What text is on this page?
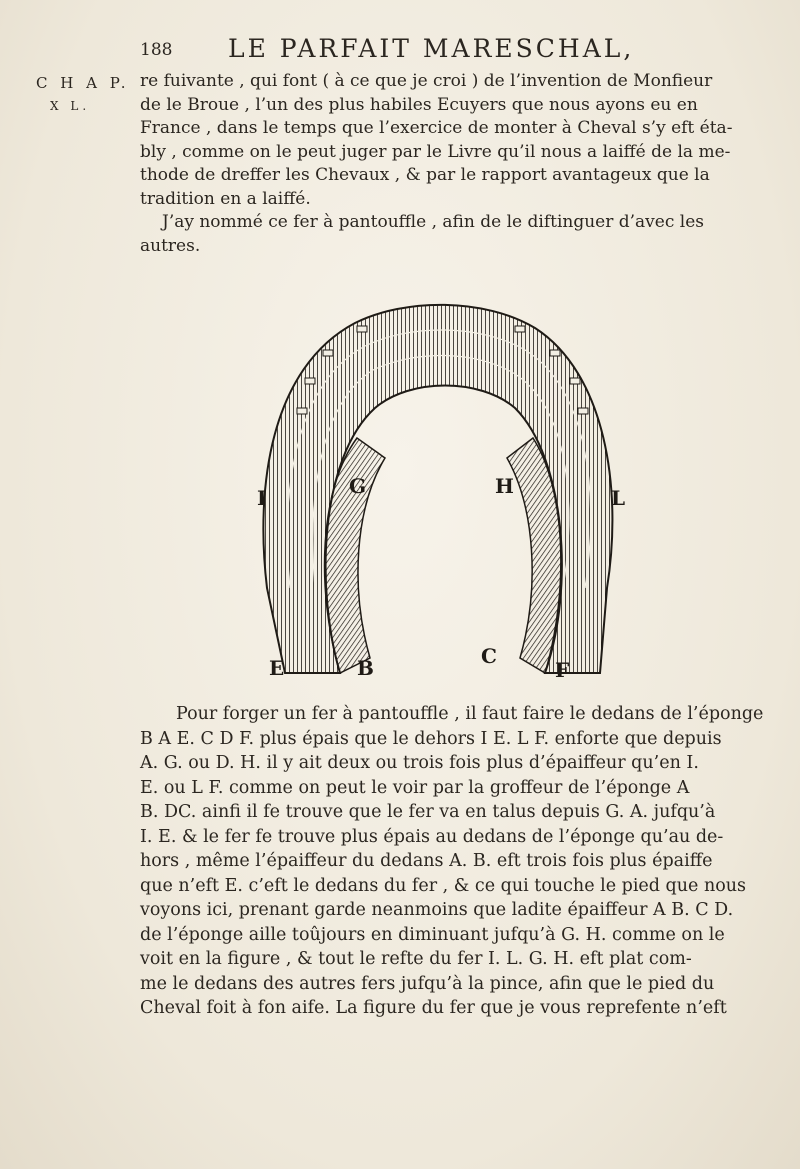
188 LE PARFAIT MARESCHAL,
C H A P.
X L.
re fuivante , qui font ( à ce que je croi ) de l’invention de Monfieur
de le Broue , l’un des plus habiles Ecuyers que nous ayons eu en
France , dans le temps que l’exercice de monter à Cheval s’y eft éta-
bly , comme on le peut juger par le Livre qu’il nous a laiffé de la me-
thode de dreffer les Chevaux , & par le rapport avantageux que la
tradition en a laiffé.
J’ay nommé ce fer à pantouffle , afin de le diftinguer d’avec les
autres.
I	L
G	H
C
E	B	F
Pour forger un fer à pantouffle , il faut faire le dedans de l’éponge
B A E. C D F. plus épais que le dehors I E. L F. enforte que depuis
A. G. ou D. H. il y ait deux ou trois fois plus d’épaiffeur qu’en I.
E. ou L F. comme on peut le voir par la groffeur de l’éponge A
B. DC. ainfi il fe trouve que le fer va en talus depuis G. A. jufqu’à
I. E. & le fer fe trouve plus épais au dedans de l’éponge qu’au de-
hors , même l’épaiffeur du dedans A. B. eft trois fois plus épaiffe
que n’eft E. c’eft le dedans du fer , & ce qui touche le pied que nous
voyons ici, prenant garde neanmoins que ladite épaiffeur A B. C D.
de l’éponge aille toûjours en diminuant jufqu’à G. H. comme on le
voit en la figure , & tout le refte du fer I. L. G. H. eft plat com-
me le dedans des autres fers jufqu’à la pince, afin que le pied du
Cheval foit à fon aife. La figure du fer que je vous reprefente n’eft
